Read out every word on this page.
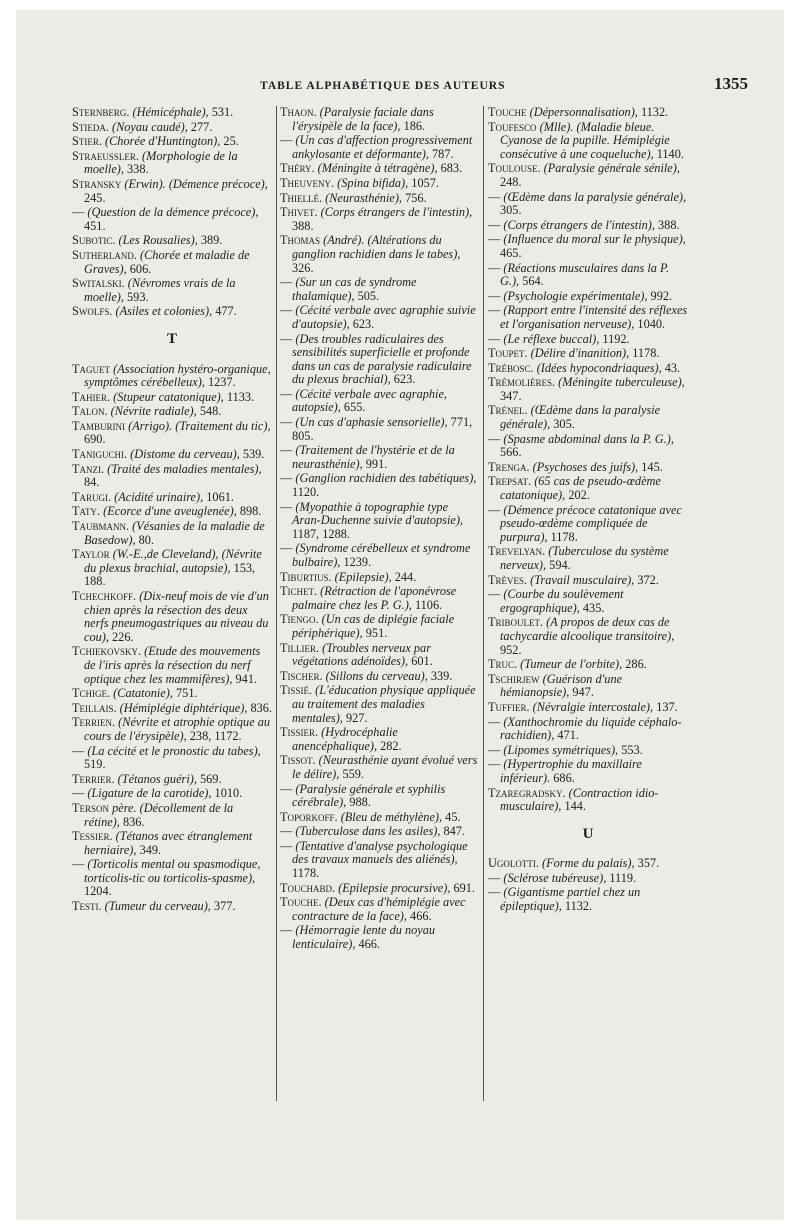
TABLE ALPHABÉTIQUE DES AUTEURS	1355
Sternberg. (Hémicéphale), 531.
Stieda. (Noyau caudé), 277.
Stier. (Chorée d'Huntington), 25.
Straeussler. (Morphologie de la moelle), 338.
Stransky (Erwin). (Démence précoce), 245.
— (Question de la démence précoce), 451.
Subotic. (Les Rousalies), 389.
Sutherland. (Chorée et maladie de Graves), 606.
Switalski. (Névromes vrais de la moelle), 593.
Swolfs. (Asiles et colonies), 477.
T
Taguet (Association hystéro-organique, symptômes cérébelleux), 1237.
Tahier. (Stupeur catatonique), 1133.
Talon. (Névrite radiale), 548.
Tamburini (Arrigo). (Traitement du tic), 690.
Taniguchi. (Distome du cerveau), 539.
Tanzi. (Traité des maladies mentales), 84.
Tarugi. (Acidité urinaire), 1061.
Taty. (Ecorce d'une aveuglenée), 898.
Taubmann. (Vésanies de la maladie de Basedow), 80.
Taylor (W.-E.,de Cleveland), (Névrite du plexus brachial, autopsie), 153, 188.
Tchechkoff. (Dix-neuf mois de vie d'un chien après la résection des deux nerfs pneumogastriques au niveau du cou), 226.
Tchiekovsky. (Etude des mouvements de l'iris après la résection du nerf optique chez les mammifères), 941.
Tchige. (Catatonie), 751.
Teillais. (Hémiplégie diphtérique), 836.
Terrien. (Névrite et atrophie optique au cours de l'érysipèle), 238, 1172.
— (La cécité et le pronostic du tabes), 519.
Terrier. (Tétanos guéri), 569.
— (Ligature de la carotide), 1010.
Terson père. (Décollement de la rétine), 836.
Tessier. (Tétanos avec étranglement herniaire), 349.
— (Torticolis mental ou spasmodique, torticolis-tic ou torticolis-spasme), 1204.
Testi. (Tumeur du cerveau), 377.
Thaon. (Paralysie faciale dans l'érysipèle de la face), 186.
— (Un cas d'affection progressivement ankylosante et déformante), 787.
Théry. (Méningite à tétragène), 683.
Theuveny. (Spina bifida), 1057.
Thiellé. (Neurasthénie), 756.
Thivet. (Corps étrangers de l'intestin), 388.
Thomas (André). (Altérations du ganglion rachidien dans le tabes), 326.
— (Sur un cas de syndrome thalamique), 505.
— (Cécité verbale avec agraphie suivie d'autopsie), 623.
— (Des troubles radiculaires des sensibilités superficielle et profonde dans un cas de paralysie radiculaire du plexus brachial), 623.
— (Cécité verbale avec agraphie, autopsie), 655.
— (Un cas d'aphasie sensorielle), 771, 805.
— (Traitement de l'hystérie et de la neurasthénie), 991.
— (Ganglion rachidien des tabétiques), 1120.
— (Myopathie à topographie type Aran-Duchenne suivie d'autopsie), 1187, 1288.
— (Syndrome cérébelleux et syndrome bulbaire), 1239.
Tiburtius. (Epilepsie), 244.
Tichet. (Rétraction de l'aponévrose palmaire chez les P. G.), 1106.
Tiengo. (Un cas de diplégie faciale périphérique), 951.
Tillier. (Troubles nerveux par végétations adénoïdes), 601.
Tischer. (Sillons du cerveau), 339.
Tissié. (L'éducation physique appliquée au traitement des maladies mentales), 927.
Tissier. (Hydrocéphalie anencéphalique), 282.
Tissot. (Neurasthénie ayant évolué vers le délire), 559.
— (Paralysie générale et syphilis cérébrale), 988.
Toporkoff. (Bleu de méthylène), 45.
— (Tuberculose dans les asiles), 847.
— (Tentative d'analyse psychologique des travaux manuels des aliénés), 1178.
Touchabd. (Epilepsie procursive), 691.
Touche. (Deux cas d'hémiplégie avec contracture de la face), 466.
— (Hémorragie lente du noyau lenticulaire), 466.
Touche (Dépersonnalisation), 1132.
Toufesco (Mlle). (Maladie bleue. Cyanose de la pupille. Hémiplégie consécutive à une coqueluche), 1140.
Toulouse. (Paralysie générale sénile), 248.
— (Œdème dans la paralysie générale), 305.
— (Corps étrangers de l'intestin), 388.
— (Influence du moral sur le physique), 465.
— (Réactions musculaires dans la P. G.), 564.
— (Psychologie expérimentale), 992.
— (Rapport entre l'intensité des réflexes et l'organisation nerveuse), 1040.
— (Le réflexe buccal), 1192.
Toupet. (Délire d'inanition), 1178.
Trébosc. (Idées hypocondriaques), 43.
Trémolières. (Méningite tuberculeuse), 347.
Trénel. (Œdème dans la paralysie générale), 305.
— (Spasme abdominal dans la P. G.), 566.
Trenga. (Psychoses des juifs), 145.
Trepsat. (65 cas de pseudo-œdème catatonique), 202.
— (Démence précoce catatonique avec pseudo-œdème compliquée de purpura), 1178.
Trevelyan. (Tuberculose du système nerveux), 594.
Trèves. (Travail musculaire), 372.
— (Courbe du soulèvement ergographique), 435.
Triboulet. (A propos de deux cas de tachycardie alcoolique transitoire), 952.
Truc. (Tumeur de l'orbite), 286.
Tschirjew (Guérison d'une hémianopsie), 947.
Tuffier. (Névralgie intercostale), 137.
— (Xanthochromie du liquide céphalo-rachidien), 471.
— (Lipomes symétriques), 553.
— (Hypertrophie du maxillaire inférieur). 686.
Tzaregradsky. (Contraction idio-musculaire), 144.
U
Ugolotti. (Forme du palais), 357.
— (Sclérose tubéreuse), 1119.
— (Gigantisme partiel chez un épileptique), 1132.
